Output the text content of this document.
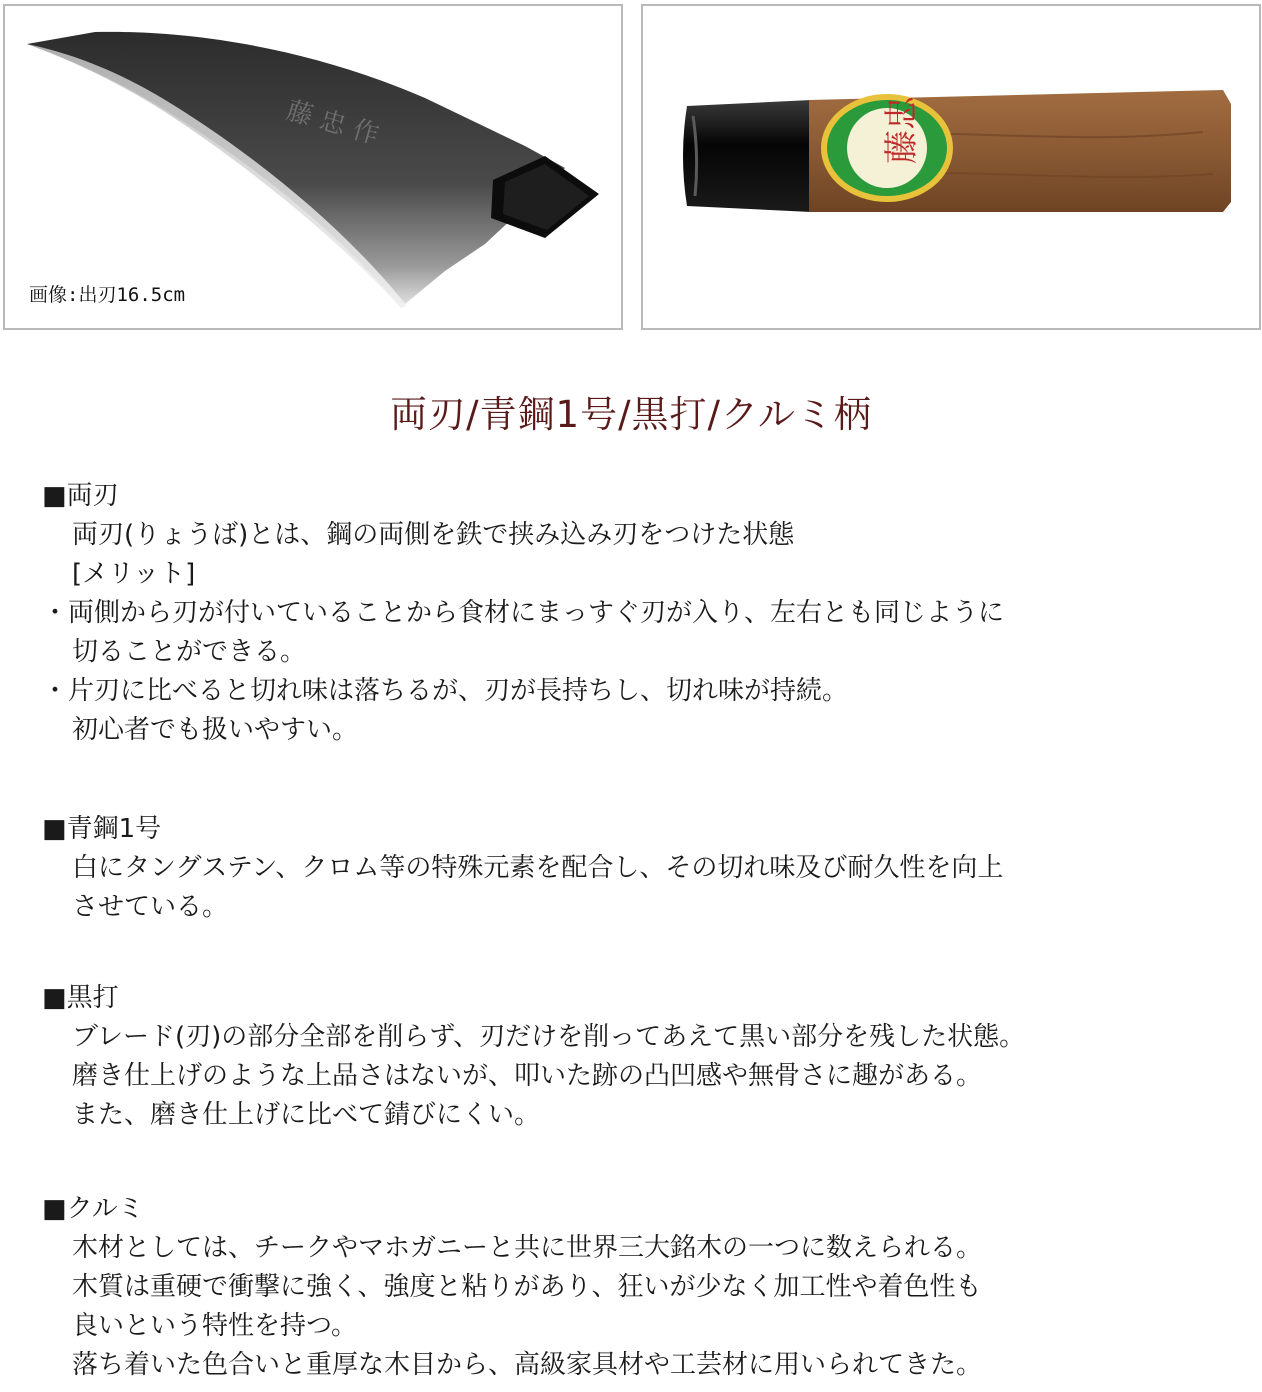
藤 忠 作
画像:出刃16.5cm
藤忠
両刃/青鋼1号/黒打/クルミ柄

■両刃

両刃(りょうば)とは、鋼の両側を鉄で挟み込み刃をつけた状態

[メリット]

・両側から刃が付いていることから食材にまっすぐ刃が入り、左右とも同じように

切ることができる。

・片刃に比べると切れ味は落ちるが、刃が長持ちし、切れ味が持続。

初心者でも扱いやすい。

■青鋼1号

白にタングステン、クロム等の特殊元素を配合し、その切れ味及び耐久性を向上

させている。

■黒打

ブレード(刃)の部分全部を削らず、刃だけを削ってあえて黒い部分を残した状態。

磨き仕上げのような上品さはないが、叩いた跡の凸凹感や無骨さに趣がある。

また、磨き仕上げに比べて錆びにくい。

■クルミ

木材としては、チークやマホガニーと共に世界三大銘木の一つに数えられる。

木質は重硬で衝撃に強く、強度と粘りがあり、狂いが少なく加工性や着色性も

良いという特性を持つ。

落ち着いた色合いと重厚な木目から、高級家具材や工芸材に用いられてきた。
